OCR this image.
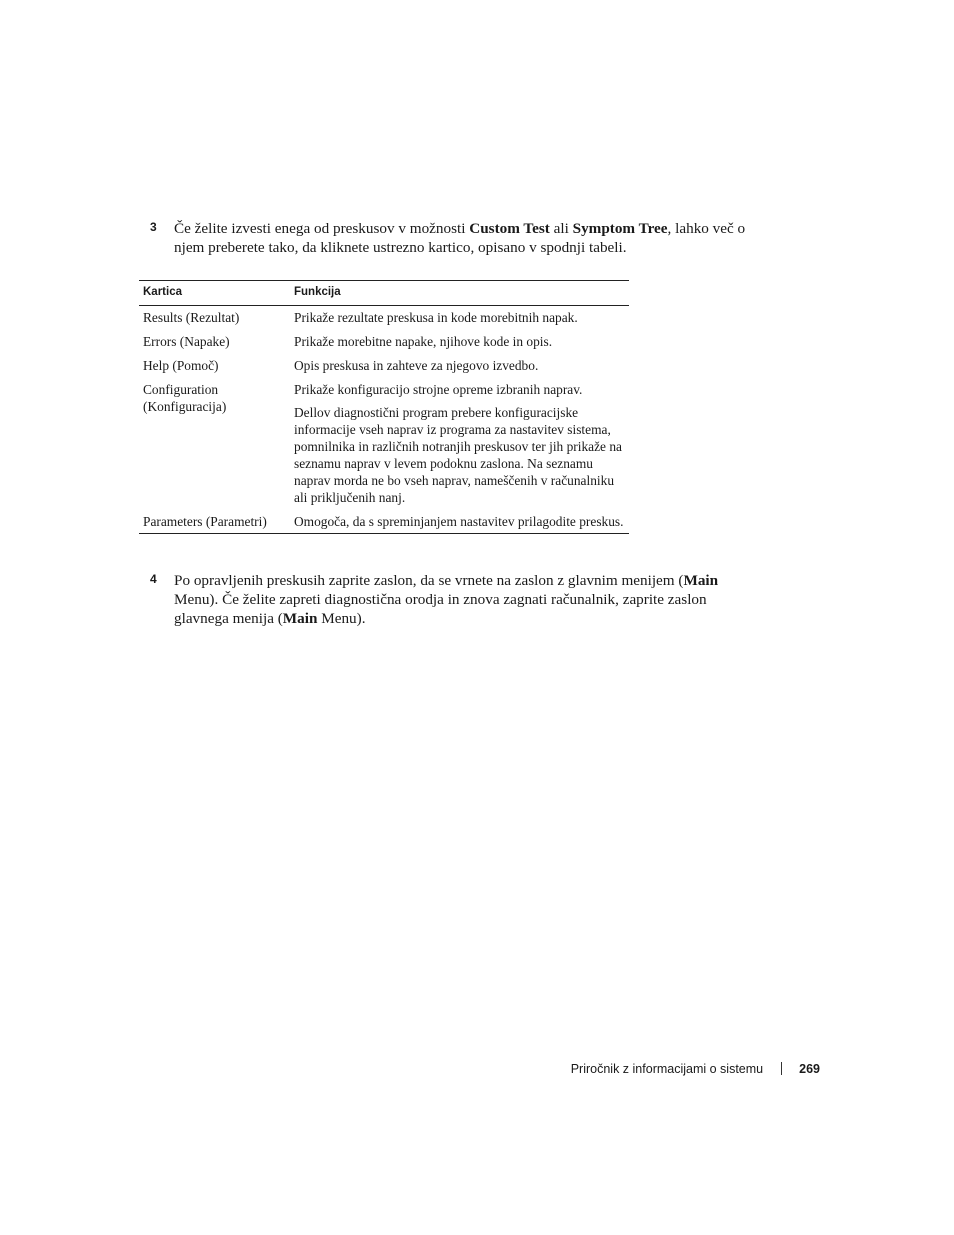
3 Če želite izvesti enega od preskusov v možnosti Custom Test ali Symptom Tree, lahko več o njem preberete tako, da kliknete ustrezno kartico, opisano v spodnji tabeli.
Kartica	Funkcija
Results (Rezultat)	Prikaže rezultate preskusa in kode morebitnih napak.

Errors (Napake)	Prikaže morebitne napake, njihove kode in opis.

Help (Pomoč)	Opis preskusa in zahteve za njegovo izvedbo.

Configuration (Konfiguracija)	Prikaže konfiguracijo strojne opreme izbranih naprav.

Dellov diagnostični program prebere konfiguracijske informacije vseh naprav iz programa za nastavitev sistema, pomnilnika in različnih notranjih preskusov ter jih prikaže na seznamu naprav v levem podoknu zaslona. Na seznamu naprav morda ne bo vseh naprav, nameščenih v računalniku ali priključenih nanj.

Parameters (Parametri)	Omogoča, da s spreminjanjem nastavitev prilagodite preskus.

4 Po opravljenih preskusih zaprite zaslon, da se vrnete na zaslon z glavnim menijem (Main Menu). Če želite zapreti diagnostična orodja in znova zagnati računalnik, zaprite zaslon glavnega menija (Main Menu).
Priročnik z informacijami o sistemu	269
